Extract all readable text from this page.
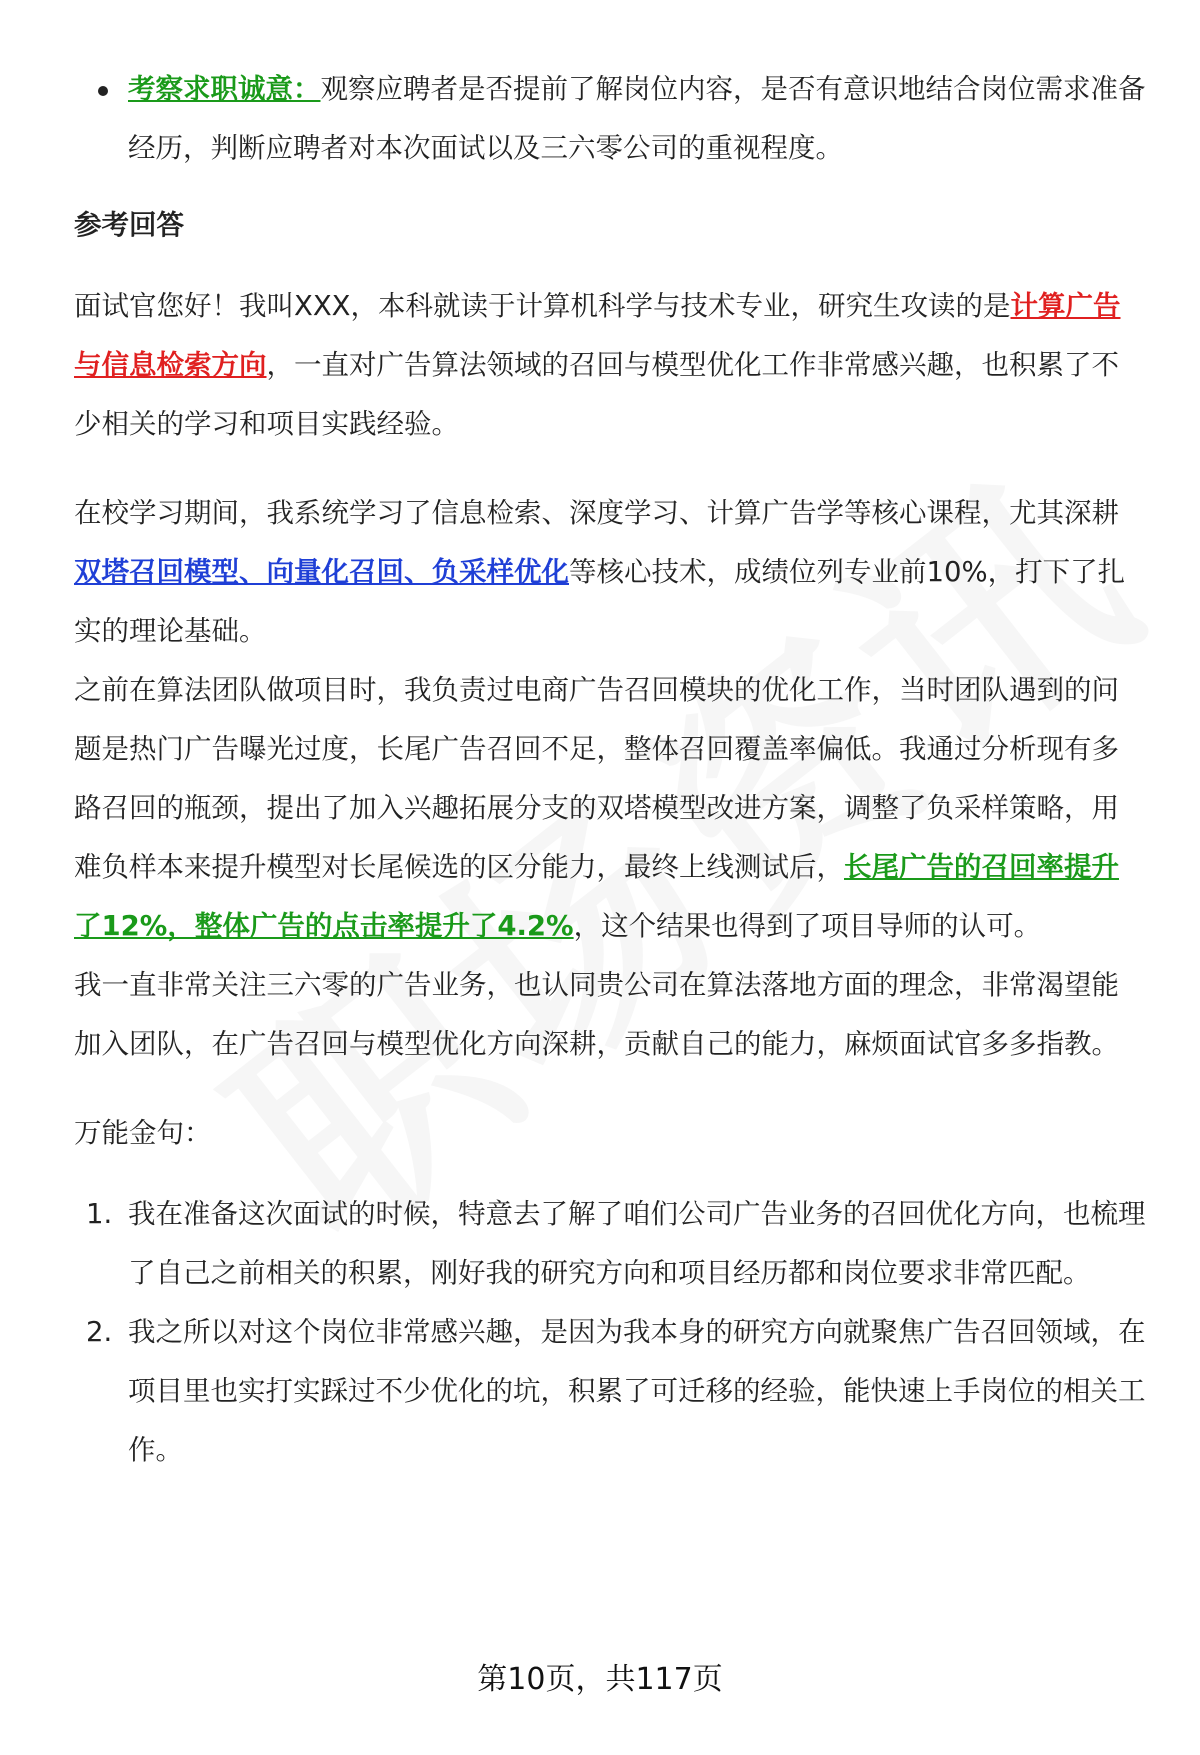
考察求职诚意：观察应聘者是否提前了解岗位内容，是否有意识地结合岗位需求准备经历，判断应聘者对本次面试以及三六零公司的重视程度。

参考回答

面试官您好！我叫XXX，本科就读于计算机科学与技术专业，研究生攻读的是计算广告与信息检索方向，一直对广告算法领域的召回与模型优化工作非常感兴趣，也积累了不少相关的学习和项目实践经验。

在校学习期间，我系统学习了信息检索、深度学习、计算广告学等核心课程，尤其深耕双塔召回模型、向量化召回、负采样优化等核心技术，成绩位列专业前10%，打下了扎实的理论基础。

之前在算法团队做项目时，我负责过电商广告召回模块的优化工作，当时团队遇到的问题是热门广告曝光过度，长尾广告召回不足，整体召回覆盖率偏低。我通过分析现有多路召回的瓶颈，提出了加入兴趣拓展分支的双塔模型改进方案，调整了负采样策略，用难负样本来提升模型对长尾候选的区分能力，最终上线测试后，长尾广告的召回率提升了12%，整体广告的点击率提升了4.2%，这个结果也得到了项目导师的认可。

我一直非常关注三六零的广告业务，也认同贵公司在算法落地方面的理念，非常渴望能加入团队，在广告召回与模型优化方向深耕，贡献自己的能力，麻烦面试官多多指教。

万能金句：

1. 我在准备这次面试的时候，特意去了解了咱们公司广告业务的召回优化方向，也梳理了自己之前相关的积累，刚好我的研究方向和项目经历都和岗位要求非常匹配。
2. 我之所以对这个岗位非常感兴趣，是因为我本身的研究方向就聚焦广告召回领域，在项目里也实打实踩过不少优化的坑，积累了可迁移的经验，能快速上手岗位的相关工作。
第10页，共117页
